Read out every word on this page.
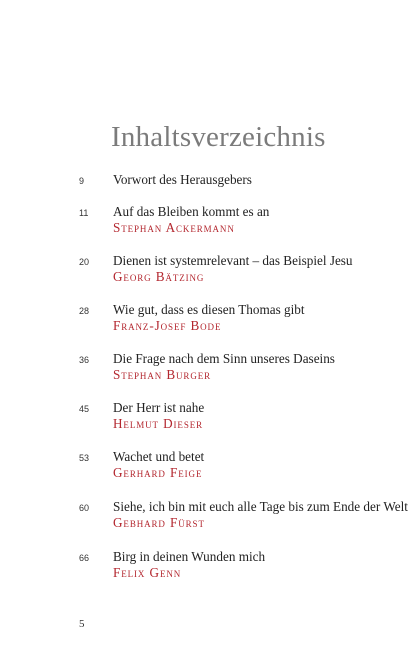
Inhaltsverzeichnis
9 Vorwort des Herausgebers
11 Auf das Bleiben kommt es an
Stephan Ackermann
20 Dienen ist systemrelevant – das Beispiel Jesu
Georg Bätzing
28 Wie gut, dass es diesen Thomas gibt
Franz-Josef Bode
36 Die Frage nach dem Sinn unseres Daseins
Stephan Burger
45 Der Herr ist nahe
Helmut Dieser
53 Wachet und betet
Gerhard Feige
60 Siehe, ich bin mit euch alle Tage bis zum Ende der Welt
Gebhard Fürst
66 Birg in deinen Wunden mich
Felix Genn
5
